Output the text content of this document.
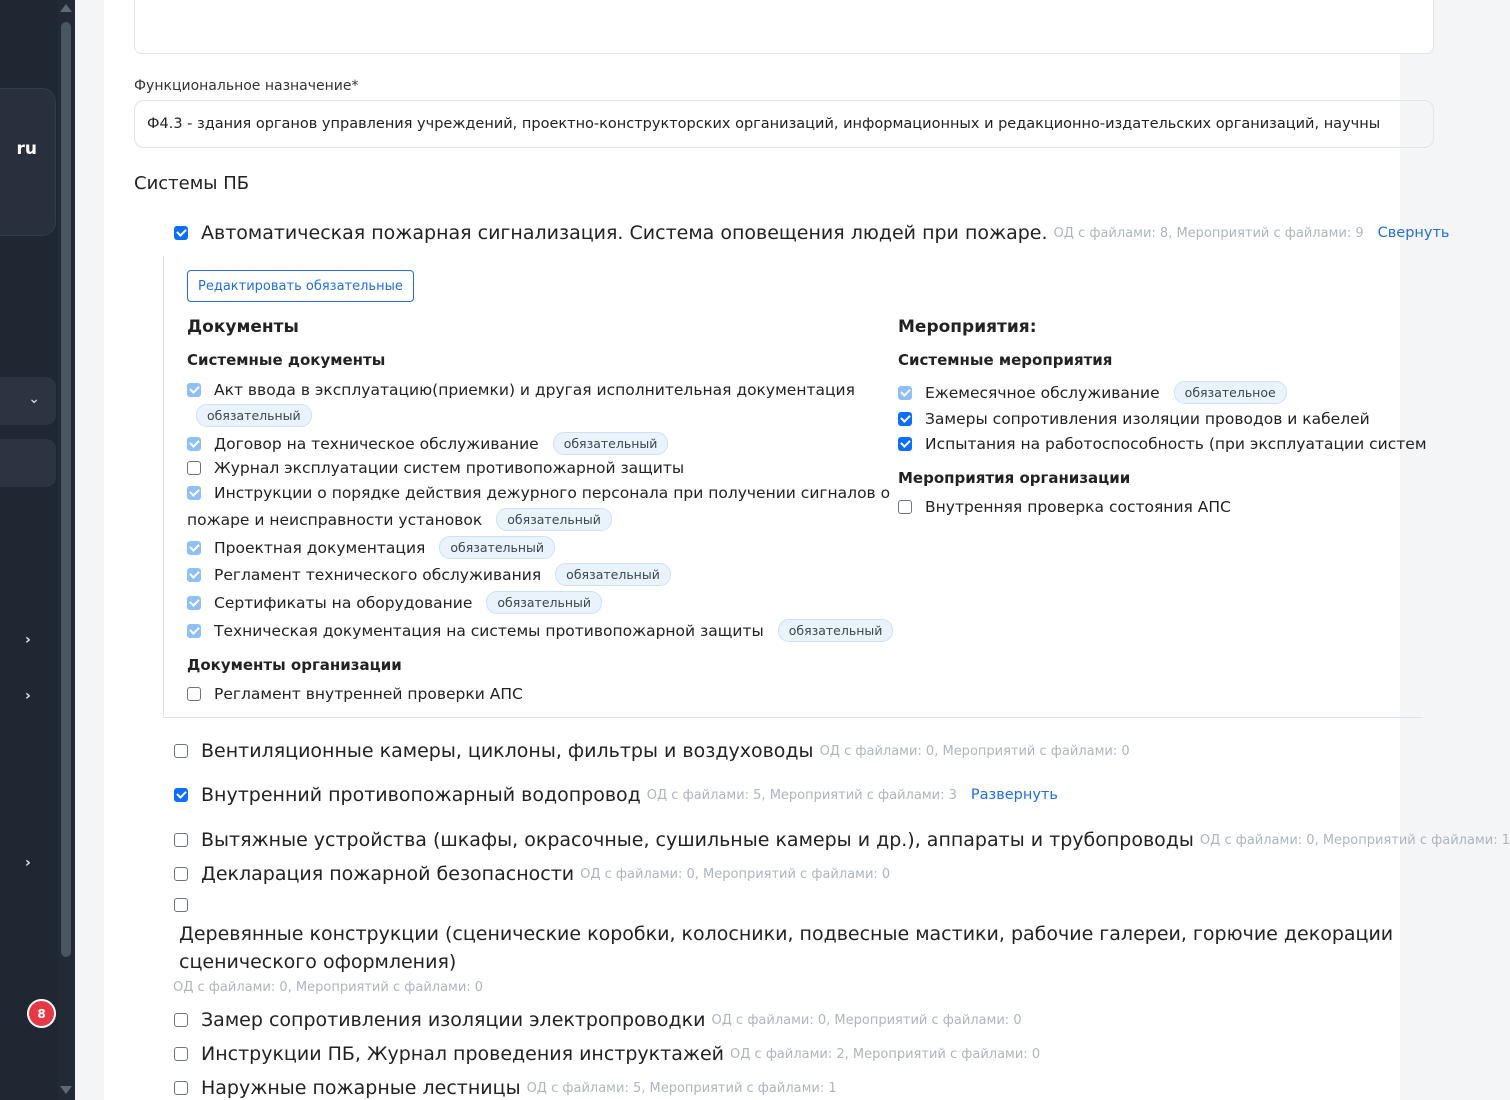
ru
⌄
›
›
›
8
Функциональное назначение*
Ф4.3 - здания органов управления учреждений, проектно-конструкторских организаций, информационных и редакционно-издательских организаций, научны
Системы ПБ
Автоматическая пожарная сигнализация. Система оповещения людей при пожаре. ОД с файлами: 8, Мероприятий с файлами: 9 Свернуть
Редактировать обязательные
Документы
Системные документы
Акт ввода в эксплуатацию(приемки) и другая исполнительная документация
обязательный
Договор на техническое обслуживание	обязательный
Журнал эксплуатации систем противопожарной защиты
Инструкции о порядке действия дежурного персонала при получении сигналов о
пожаре и неисправности установок	обязательный
Проектная документация	обязательный
Регламент технического обслуживания	обязательный
Сертификаты на оборудование	обязательный
Техническая документация на системы противопожарной защиты	обязательный
Документы организации
Регламент внутренней проверки АПС
Мероприятия:
Системные мероприятия
Ежемесячное обслуживание	обязательное
Замеры сопротивления изоляции проводов и кабелей
Испытания на работоспособность (при эксплуатации систем
Мероприятия организации
Внутренняя проверка состояния АПС
Вентиляционные камеры, циклоны, фильтры и воздуховоды ОД с файлами: 0, Мероприятий с файлами: 0
Внутренний противопожарный водопровод ОД с файлами: 5, Мероприятий с файлами: 3 Развернуть
Вытяжные устройства (шкафы, окрасочные, сушильные камеры и др.), аппараты и трубопроводы ОД с файлами: 0, Мероприятий с файлами: 1
Декларация пожарной безопасности ОД с файлами: 0, Мероприятий с файлами: 0
Деревянные конструкции (сценические коробки, колосники, подвесные мастики, рабочие галереи, горючие декорации сценического оформления)
ОД с файлами: 0, Мероприятий с файлами: 0
Замер сопротивления изоляции электропроводки ОД с файлами: 0, Мероприятий с файлами: 0
Инструкции ПБ, Журнал проведения инструктажей ОД с файлами: 2, Мероприятий с файлами: 0
Наружные пожарные лестницы ОД с файлами: 5, Мероприятий с файлами: 1
